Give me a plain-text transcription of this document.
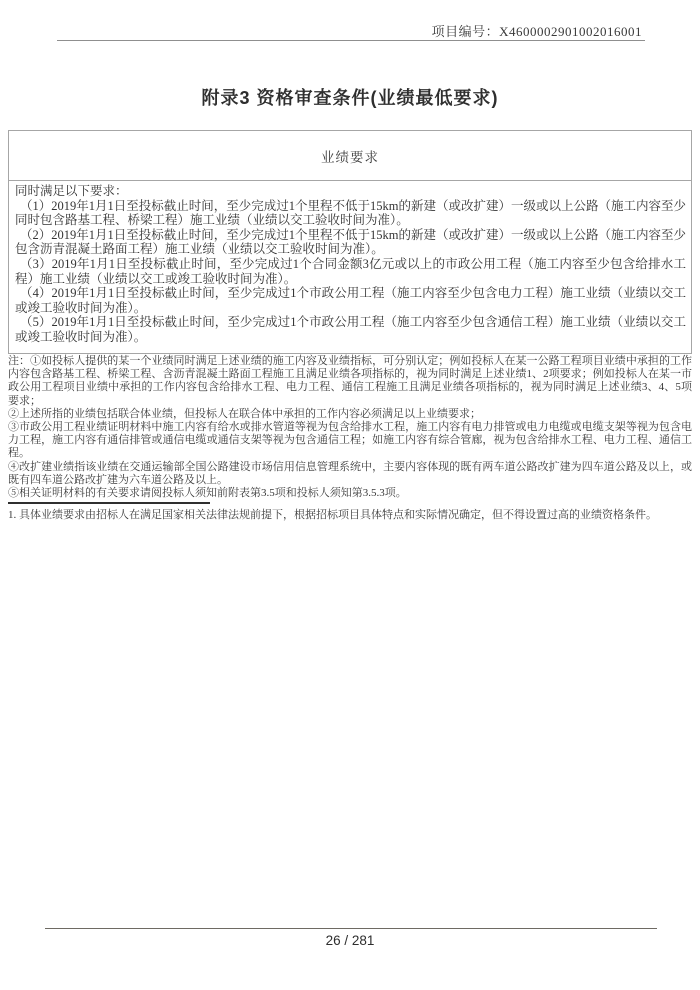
项目编号：X4600002901002016001
附录3 资格审查条件(业绩最低要求)
业绩要求

同时满足以下要求：

（1）2019年1月1日至投标截止时间，至少完成过1个里程不低于15km的新建（或改扩建）一级或以上公路（施工内容至少同时包含路基工程、桥梁工程）施工业绩（业绩以交工验收时间为准）。

（2）2019年1月1日至投标截止时间，至少完成过1个里程不低于15km的新建（或改扩建）一级或以上公路（施工内容至少包含沥青混凝土路面工程）施工业绩（业绩以交工验收时间为准）。

（3）2019年1月1日至投标截止时间，至少完成过1个合同金额3亿元或以上的市政公用工程（施工内容至少包含给排水工程）施工业绩（业绩以交工或竣工验收时间为准）。

（4）2019年1月1日至投标截止时间，至少完成过1个市政公用工程（施工内容至少包含电力工程）施工业绩（业绩以交工或竣工验收时间为准）。

（5）2019年1月1日至投标截止时间，至少完成过1个市政公用工程（施工内容至少包含通信工程）施工业绩（业绩以交工或竣工验收时间为准）。

注：①如投标人提供的某一个业绩同时满足上述业绩的施工内容及业绩指标，可分别认定；例如投标人在某一公路工程项目业绩中承担的工作内容包含路基工程、桥梁工程、含沥青混凝土路面工程施工且满足业绩各项指标的，视为同时满足上述业绩1、2项要求；例如投标人在某一市政公用工程项目业绩中承担的工作内容包含给排水工程、电力工程、通信工程施工且满足业绩各项指标的，视为同时满足上述业绩3、4、5项要求；

②上述所指的业绩包括联合体业绩，但投标人在联合体中承担的工作内容必须满足以上业绩要求；

③市政公用工程业绩证明材料中施工内容有给水或排水管道等视为包含给排水工程，施工内容有电力排管或电力电缆或电缆支架等视为包含电力工程，施工内容有通信排管或通信电缆或通信支架等视为包含通信工程；如施工内容有综合管廊，视为包含给排水工程、电力工程、通信工程。

④改扩建业绩指该业绩在交通运输部全国公路建设市场信用信息管理系统中，主要内容体现的既有两车道公路改扩建为四车道公路及以上，或既有四车道公路改扩建为六车道公路及以上。

⑤相关证明材料的有关要求请阅投标人须知前附表第3.5项和投标人须知第3.5.3项。

1. 具体业绩要求由招标人在满足国家相关法律法规前提下，根据招标项目具体特点和实际情况确定，但不得设置过高的业绩资格条件。
26 / 281
